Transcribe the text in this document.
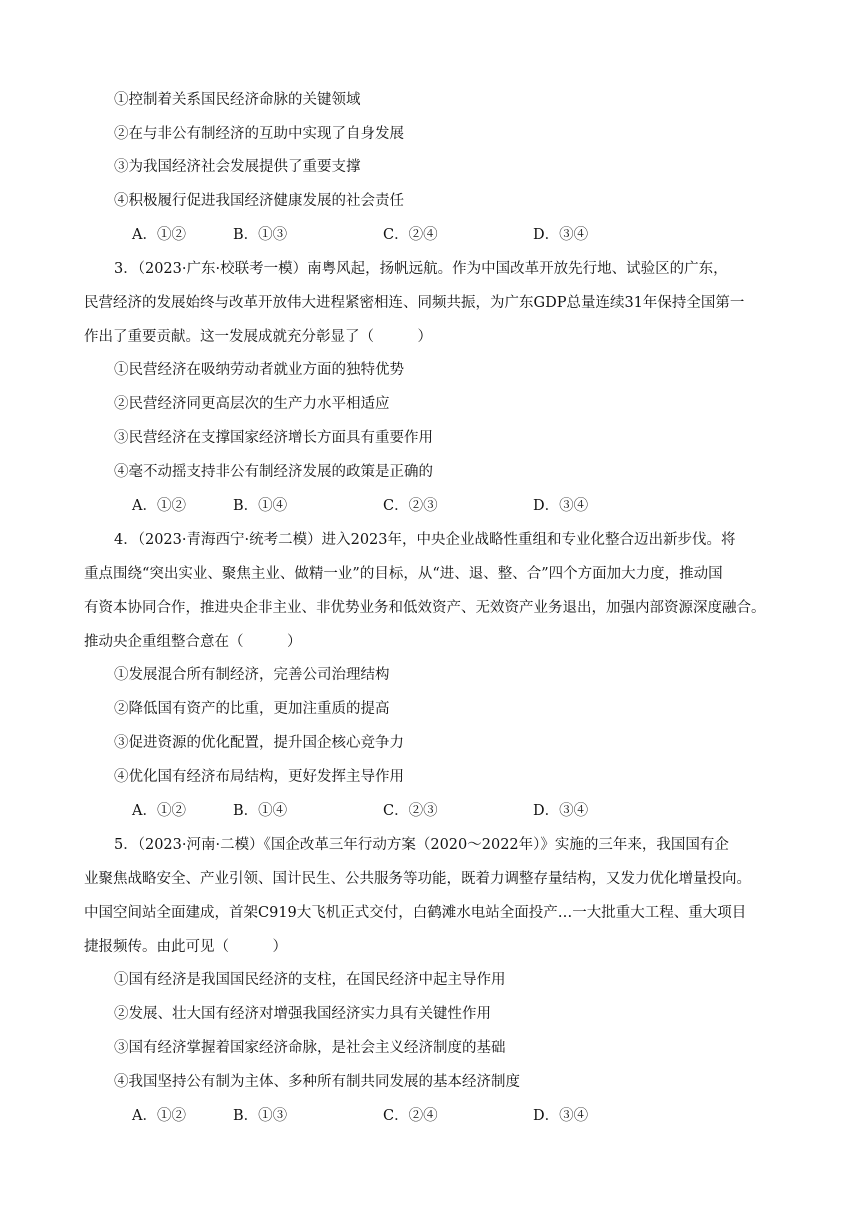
①控制着关系国民经济命脉的关键领域
②在与非公有制经济的互助中实现了自身发展
③为我国经济社会发展提供了重要支撑
④积极履行促进我国经济健康发展的社会责任
A．①②	B．①③	C．②④	D．③④
3．（2023·广东·校联考一模）南粤风起，扬帆远航。作为中国改革开放先行地、试验区的广东，
民营经济的发展始终与改革开放伟大进程紧密相连、同频共振，为广东GDP总量连续31年保持全国第一
作出了重要贡献。这一发展成就充分彰显了（　　　）
①民营经济在吸纳劳动者就业方面的独特优势
②民营经济同更高层次的生产力水平相适应
③民营经济在支撑国家经济增长方面具有重要作用
④毫不动摇支持非公有制经济发展的政策是正确的
A．①②	B．①④	C．②③	D．③④
4．（2023·青海西宁·统考二模）进入2023年，中央企业战略性重组和专业化整合迈出新步伐。将
重点围绕“突出实业、聚焦主业、做精一业”的目标，从“进、退、整、合”四个方面加大力度，推动国
有资本协同合作，推进央企非主业、非优势业务和低效资产、无效资产业务退出，加强内部资源深度融合。
推动央企重组整合意在（　　　）
①发展混合所有制经济，完善公司治理结构
②降低国有资产的比重，更加注重质的提高
③促进资源的优化配置，提升国企核心竞争力
④优化国有经济布局结构，更好发挥主导作用
A．①②	B．①④	C．②③	D．③④
5．（2023·河南·二模）《国企改革三年行动方案（2020～2022年）》实施的三年来，我国国有企
业聚焦战略安全、产业引领、国计民生、公共服务等功能，既着力调整存量结构，又发力优化增量投向。
中国空间站全面建成，首架C919大飞机正式交付，白鹤滩水电站全面投产…一大批重大工程、重大项目
捷报频传。由此可见（　　　）
①国有经济是我国国民经济的支柱，在国民经济中起主导作用
②发展、壮大国有经济对增强我国经济实力具有关键性作用
③国有经济掌握着国家经济命脉，是社会主义经济制度的基础
④我国坚持公有制为主体、多种所有制共同发展的基本经济制度
A．①②	B．①③	C．②④	D．③④
